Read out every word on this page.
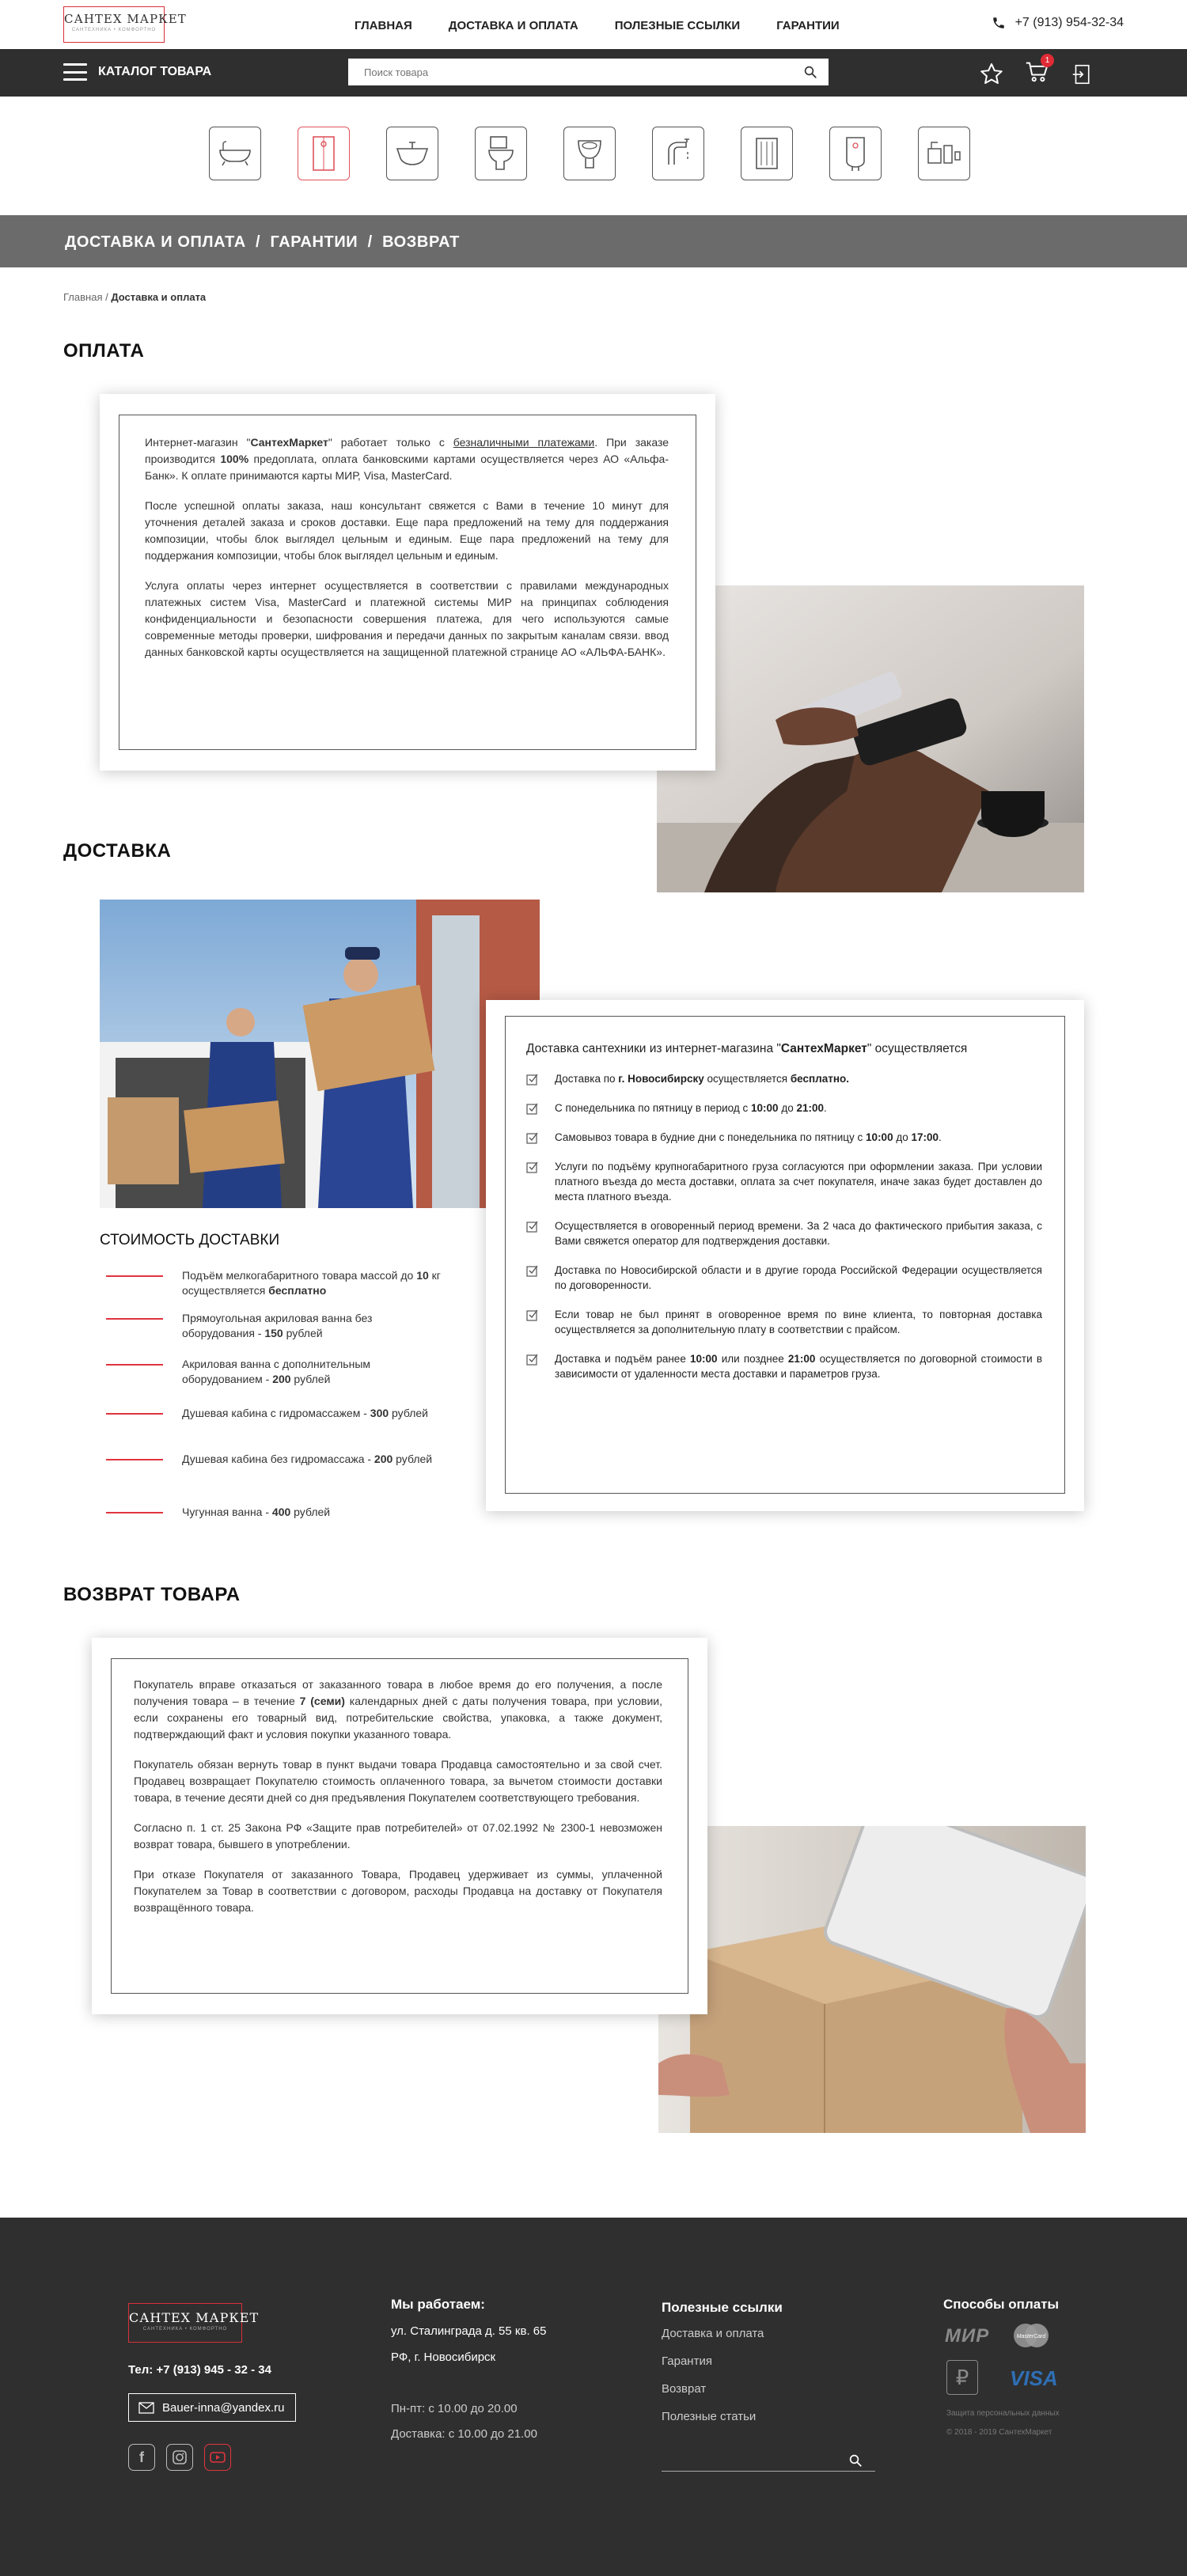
САНТЕХ МАРКЕТ
САНТЕХНИКА • КОМФОРТНО	ГЛАВНАЯ	ДОСТАВКА И ОПЛАТА	ПОЛЕЗНЫЕ ССЫЛКИ	ГАРАНТИИ	+7 (913) 954-32-34
КАТАЛОГ ТОВАРА
Поиск товара
1
ДОСТАВКА И ОПЛАТА  /  ГАРАНТИИ  /  ВОЗВРАТ
Главная / Доставка и оплата
ОПЛАТА

Интернет-магазин "СантехМаркет" работает только с безналичными платежами. При заказе производится 100% предоплата, оплата банковскими картами осуществляется через АО «Альфа-Банк». К оплате принимаются карты МИР, Visa, MasterCard.

После успешной оплаты заказа, наш консультант свяжется с Вами в течение 10 минут для уточнения деталей заказа и сроков доставки. Еще пара предложений на тему для поддержания композиции, чтобы блок выглядел цельным и единым. Еще пара предложений на тему для поддержания композиции, чтобы блок выглядел цельным и единым.

Услуга оплаты через интернет осуществляется в соответствии с правилами международных платежных систем Visa, MasterCard и платежной системы МИР на принципах соблюдения конфиденциальности и безопасности совершения платежа, для чего используются самые современные методы проверки, шифрования и передачи данных по закрытым каналам связи. ввод данных банковской карты осуществляется на защищенной платежной странице АО «АЛЬФА-БАНК».

ДОСТАВКА
СТОИМОСТЬ ДОСТАВКИ
Подъём мелкогабаритного товара массой до 10 кг осуществляется бесплатно
Прямоугольная акриловая ванна без оборудования - 150 рублей
Акриловая ванна с дополнительным оборудованием - 200 рублей
Душевая кабина с гидромассажем - 300 рублей
Душевая кабина без гидромассажа - 200 рублей
Чугунная ванна - 400 рублей
Доставка сантехники из интернет-магазина "СантехМаркет" осуществляется
Доставка по г. Новосибирску осуществляется бесплатно.
С понедельника по пятницу в период с 10:00 до 21:00.
Самовывоз товара в будние дни с понедельника по пятницу с 10:00 до 17:00.
Услуги по подъёму крупногабаритного груза согласуются при оформлении заказа. При условии платного въезда до места доставки, оплата за счет покупателя, иначе заказ будет доставлен до места платного въезда.
Осуществляется в оговоренный период времени. За 2 часа до фактического прибытия заказа, с Вами свяжется оператор для подтверждения доставки.
Доставка по Новосибирской области и в другие города Российской Федерации осуществляется по договоренности.
Если товар не был принят в оговоренное время по вине клиента, то повторная доставка осуществляется за дополнительную плату в соответствии с прайсом.
Доставка и подъём ранее 10:00 или позднее 21:00 осуществляется по договорной стоимости в зависимости от удаленности места доставки и параметров груза.
ВОЗВРАТ ТОВАРА

Покупатель вправе отказаться от заказанного товара в любое время до его получения, а после получения товара – в течение 7 (семи) календарных дней с даты получения товара, при условии, если сохранены его товарный вид, потребительские свойства, упаковка, а также документ, подтверждающий факт и условия покупки указанного товара.

Покупатель обязан вернуть товар в пункт выдачи товара Продавца самостоятельно и за свой счет. Продавец возвращает Покупателю стоимость оплаченного товара, за вычетом стоимости доставки товара, в течение десяти дней со дня предъявления Покупателем соответствующего требования.

Согласно п. 1 ст. 25 Закона РФ «Защите прав потребителей» от 07.02.1992 № 2300-1 невозможен возврат товара, бывшего в употреблении.

При отказе Покупателя от заказанного Товара, Продавец удерживает из суммы, уплаченной Покупателем за Товар в соответствии с договором, расходы Продавца на доставку от Покупателя возвращённого товара.

САНТЕХ МАРКЕТ
САНТЕХНИКА • КОМФОРТНО
Тел: +7 (913) 945 - 32 - 34
Bauer-inna@yandex.ru
f
Мы работаем:
ул. Сталинграда д. 55 кв. 65
РФ, г. Новосибирск
Пн-пт: с 10.00 до 20.00
Доставка: с 10.00 до 21.00
Полезные ссылки
Доставка и оплата
Гарантия
Возврат
Полезные статьи
Способы оплаты
МИР	MasterCard
₽	VISA
Защита персональных данных
© 2018 - 2019 СантехМаркет
